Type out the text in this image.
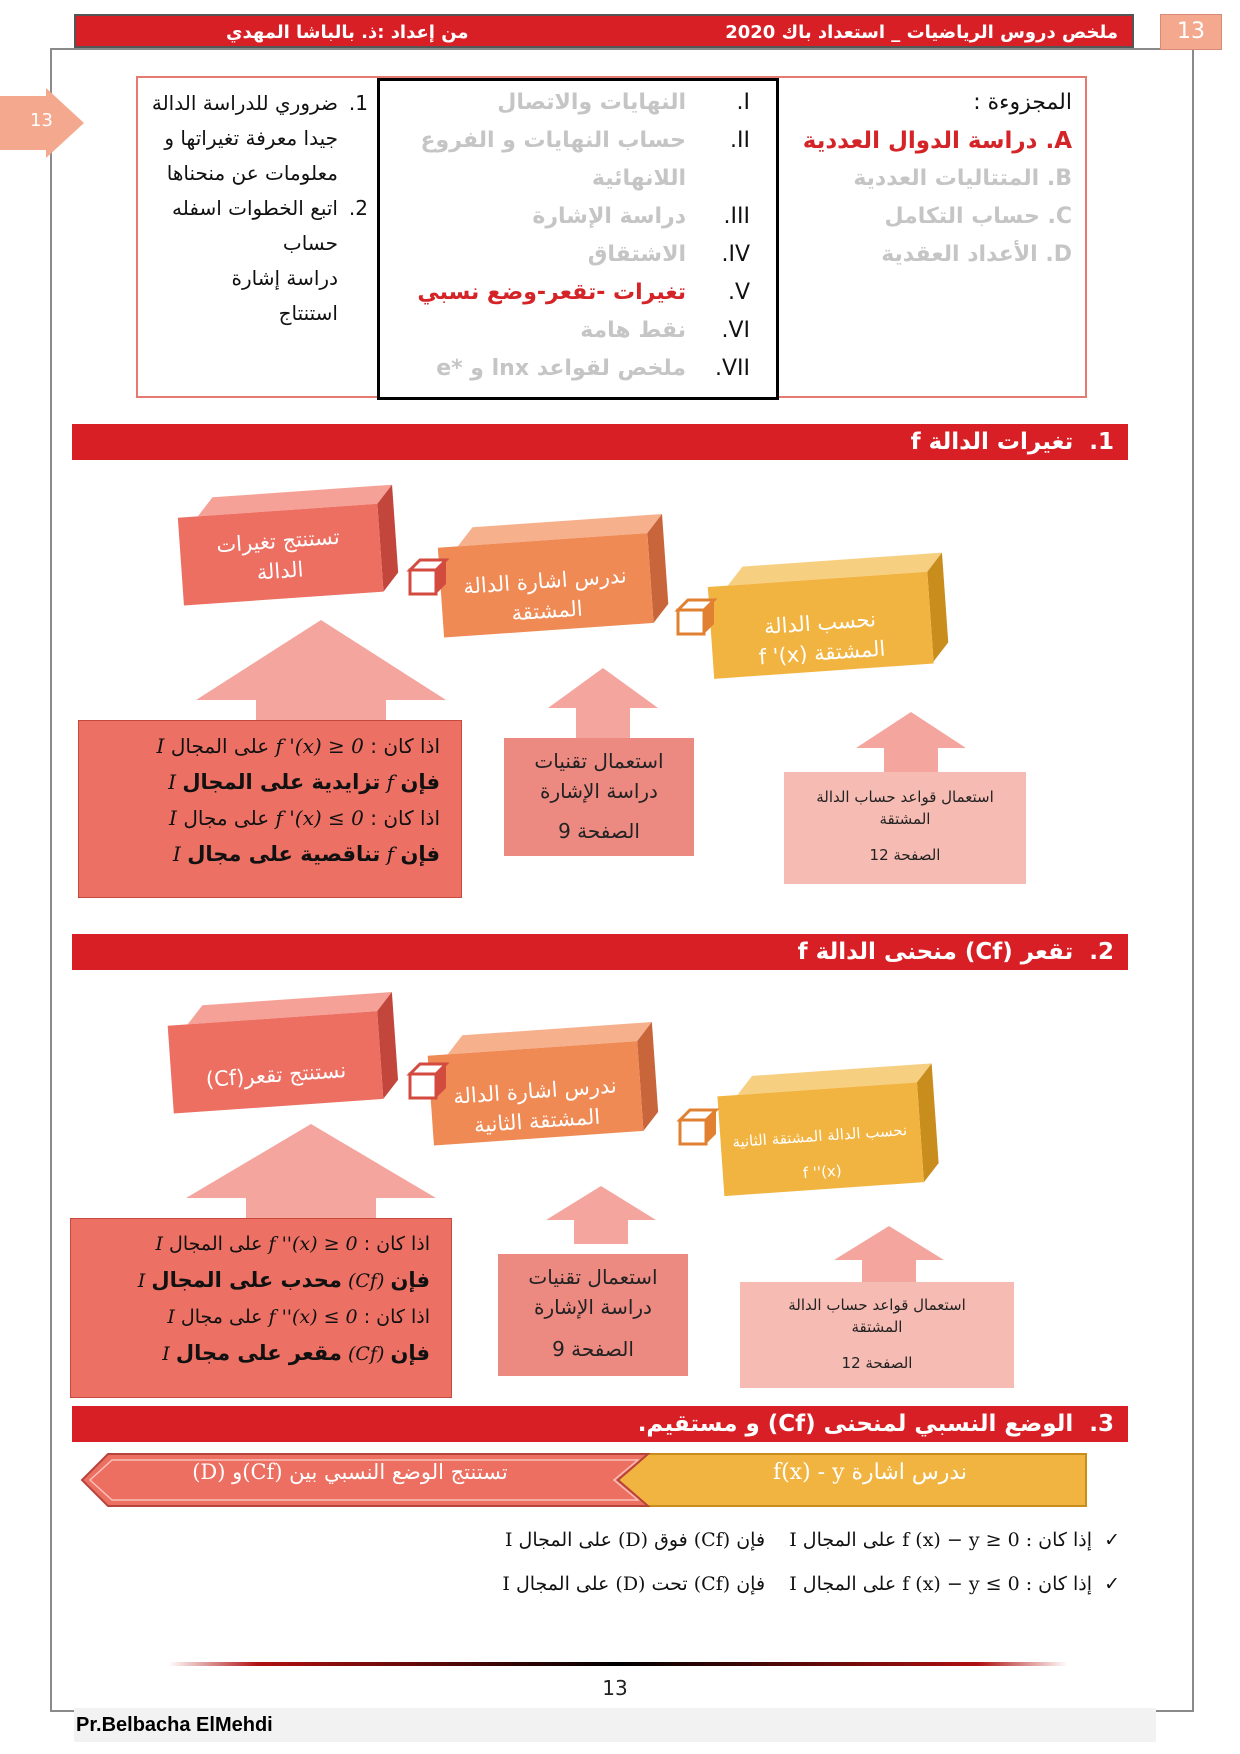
ملخص دروس الرياضيات _ استعداد باك 2020
من إعداد :ذ. بالباشا المهدي	13
13
المجزوءة :
A. دراسة الدوال العددية
B. المتتاليات العددية
C. حساب التكامل
D. الأعداد العقدية
I.النهايات والاتصال
II.حساب النهايات و الفروع
اللانهائية
III.دراسة الإشارة
IV.الاشتقاق
V.تغيرات -تقعر-وضع نسبي
VI.نقط هامة
VII.ملخص لقواعد lnx و *e
1.ضروري للدراسة الدالة
جيدا معرفة تغيراتها و
معلومات عن منحناها
2.اتبع الخطوات اسفله
حساب
دراسة إشارة
استنتاج
1.  تغيرات الدالة f
تستنتج تغيرات
الدالة	ندرس اشارة الدالة
المشتقة	نحسب الدالة
المشتقة (f '(x
اذا كان : f '(x) ≥ 0 على المجال I
فإن f تزايدية على المجال I
اذا كان : f '(x) ≤ 0 على مجال I
فإن f تناقصية على مجال I
استعمال تقنيات
دراسة الإشارة
الصفحة 9
استعمال قواعد حساب الدالة
المشتقة
الصفحة 12
2.  تقعر (Cf) منحنى الدالة f
نستنتج تقعر(Cf)	ندرس اشارة الدالة
المشتقة الثانية	نحسب الدالة المشتقة الثانية
f ''(x)
اذا كان : f ''(x) ≥ 0 على المجال I
فإن (Cf) محدب على المجال I
اذا كان : f ''(x) ≤ 0 على مجال I
فإن (Cf) مقعر على مجال I
استعمال تقنيات
دراسة الإشارة
الصفحة 9
استعمال قواعد حساب الدالة
المشتقة
الصفحة 12
3.  الوضع النسبي لمنحنى (Cf) و مستقيم.
ندرس اشارة f(x) - y
تستنتج الوضع النسبي بين (Cf)و (D)
✓  إذا كان : f (x) − y ≥ 0 على المجال I    فإن (Cf) فوق (D) على المجال I
✓  إذا كان : f (x) − y ≤ 0 على المجال I    فإن (Cf) تحت (D) على المجال I
13
Pr.Belbacha ElMehdi
